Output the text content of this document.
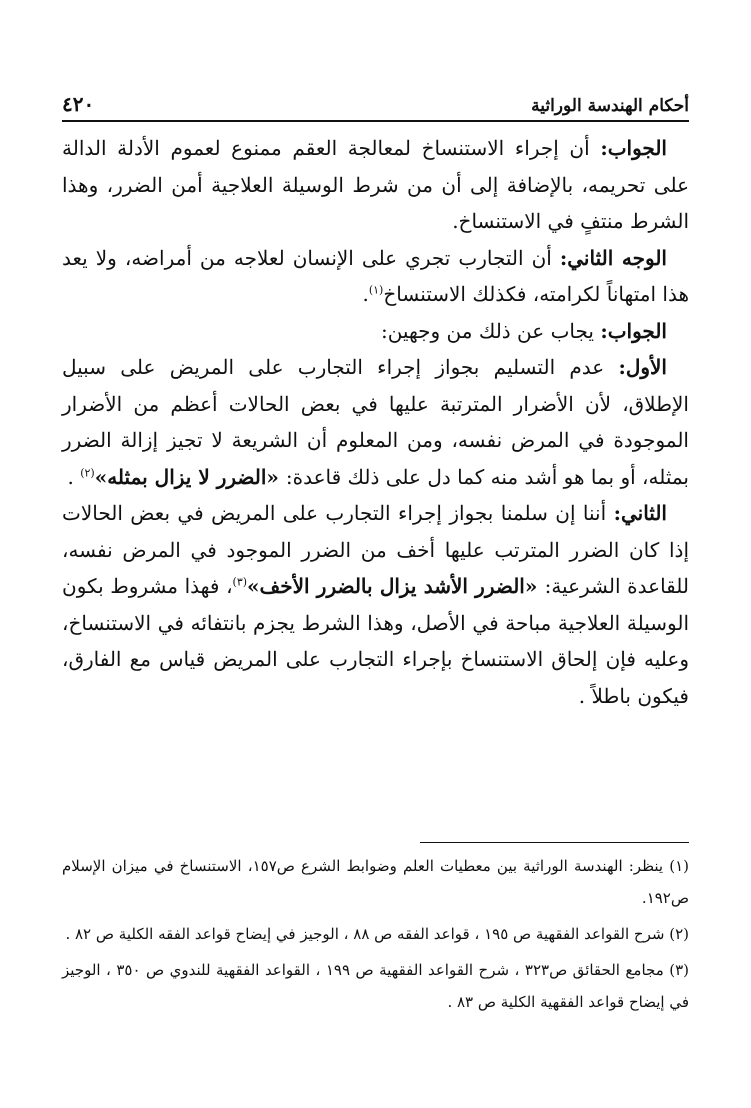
أحكام الهندسة الوراثية
٤٢٠

الجواب: أن إجراء الاستنساخ لمعالجة العقم ممنوع لعموم الأدلة الدالة على تحريمه، بالإضافة إلى أن من شرط الوسيلة العلاجية أمن الضرر، وهذا الشرط منتفٍ في الاستنساخ.

الوجه الثاني: أن التجارب تجري على الإنسان لعلاجه من أمراضه، ولا يعد هذا امتهاناً لكرامته، فكذلك الاستنساخ$^{(١)}$.

الجواب: يجاب عن ذلك من وجهين:

الأول: عدم التسليم بجواز إجراء التجارب على المريض على سبيل الإطلاق، لأن الأضرار المترتبة عليها في بعض الحالات أعظم من الأضرار الموجودة في المرض نفسه، ومن المعلوم أن الشريعة لا تجيز إزالة الضرر بمثله، أو بما هو أشد منه كما دل على ذلك قاعدة: «الضرر لا يزال بمثله»$^{(٢)}$ .

الثاني: أننا إن سلمنا بجواز إجراء التجارب على المريض في بعض الحالات إذا كان الضرر المترتب عليها أخف من الضرر الموجود في المرض نفسه، للقاعدة الشرعية: «الضرر الأشد يزال بالضرر الأخف»$^{(٣)}$، فهذا مشروط بكون الوسيلة العلاجية مباحة في الأصل، وهذا الشرط يجزم بانتفائه في الاستنساخ، وعليه فإن إلحاق الاستنساخ بإجراء التجارب على المريض قياس مع الفارق، فيكون باطلاً .

(١) ينظر: الهندسة الوراثية بين معطيات العلم وضوابط الشرع ص١٥٧، الاستنساخ في ميزان الإسلام ص١٩٢.

(٢) شرح القواعد الفقهية ص ١٩٥ ، قواعد الفقه ص ٨٨ ، الوجيز في إيضاح قواعد الفقه الكلية ص ٨٢ .

(٣) مجامع الحقائق ص٣٢٣ ، شرح القواعد الفقهية ص ١٩٩ ، القواعد الفقهية للندوي ص ٣٥٠ ، الوجيز في إيضاح قواعد الفقهية الكلية ص ٨٣ .
